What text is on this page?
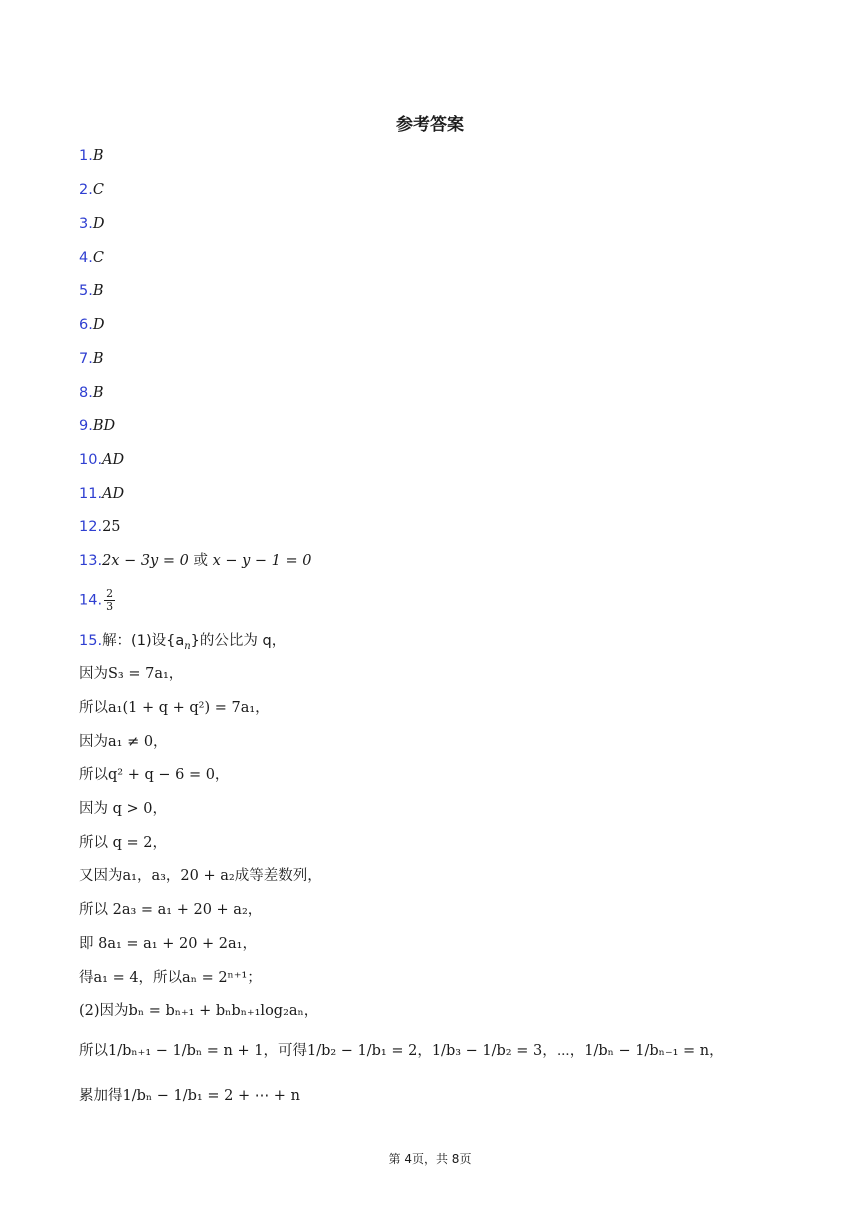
参考答案
1.B
2.C
3.D
4.C
5.B
6.D
7.B
8.B
9.BD
10.AD
11.AD
12.25
13.2x − 3y = 0 或 x − y − 1 = 0
14. $\frac{2}{3}$
15.解：(1)设$\{a_n\}$的公比为 q，
因为S₃ = 7a₁，
所以a₁(1 + q + q²) = 7a₁，
因为a₁ ≠ 0，
所以q² + q − 6 = 0，
因为 q > 0，
所以 q = 2，
又因为a₁，a₃，20 + a₂成等差数列，
所以 2a₃ = a₁ + 20 + a₂，
即 8a₁ = a₁ + 20 + 2a₁，
得a₁ = 4，所以aₙ = 2ⁿ⁺¹；
(2)因为bₙ = bₙ₊₁ + bₙbₙ₊₁log₂aₙ，
所以1/bₙ₊₁ − 1/bₙ = n + 1，可得1/b₂ − 1/b₁ = 2，1/b₃ − 1/b₂ = 3，⋯，1/bₙ − 1/bₙ₋₁ = n，
累加得1/bₙ − 1/b₁ = 2 + ⋯ + n
第 4页，共 8页
